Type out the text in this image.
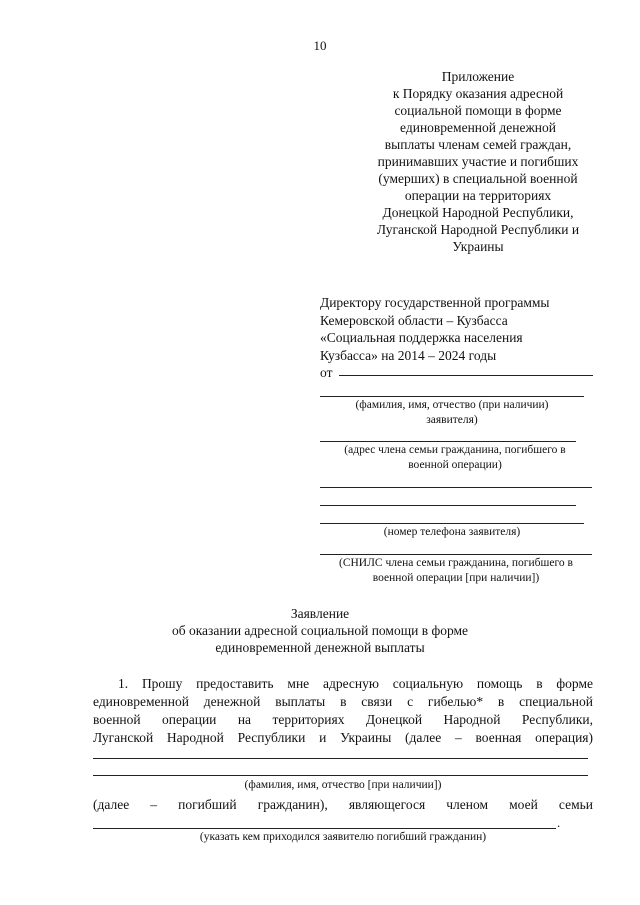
10
Приложение
к Порядку оказания адресной
социальной помощи в форме
единовременной денежной
выплаты членам семей граждан,
принимавших участие и погибших
(умерших) в специальной военной
операции на территориях
Донецкой Народной Республики,
Луганской Народной Республики и
Украины
Директору государственной программы
Кемеровской области – Кузбасса
«Социальная поддержка населения
Кузбасса» на 2014 – 2024 годы
от
(фамилия, имя, отчество (при наличии)
заявителя)
(адрес члена семьи гражданина, погибшего в
военной операции)
(номер телефона заявителя)
(СНИЛС члена семьи гражданина, погибшего в
военной операции [при наличии])
Заявление
об оказании адресной социальной помощи в форме
единовременной денежной выплаты
1. Прошу предоставить мне адресную социальную помощь в форме
единовременной денежной выплаты в связи с гибелью* в специальной
военной операции на территориях Донецкой Народной Республики,
Луганской Народной Республики и Украины (далее – военная операция)
(фамилия, имя, отчество [при наличии])
(далее – погибший гражданин), являющегося членом моей семьи
.
(указать кем приходился заявителю погибший гражданин)
